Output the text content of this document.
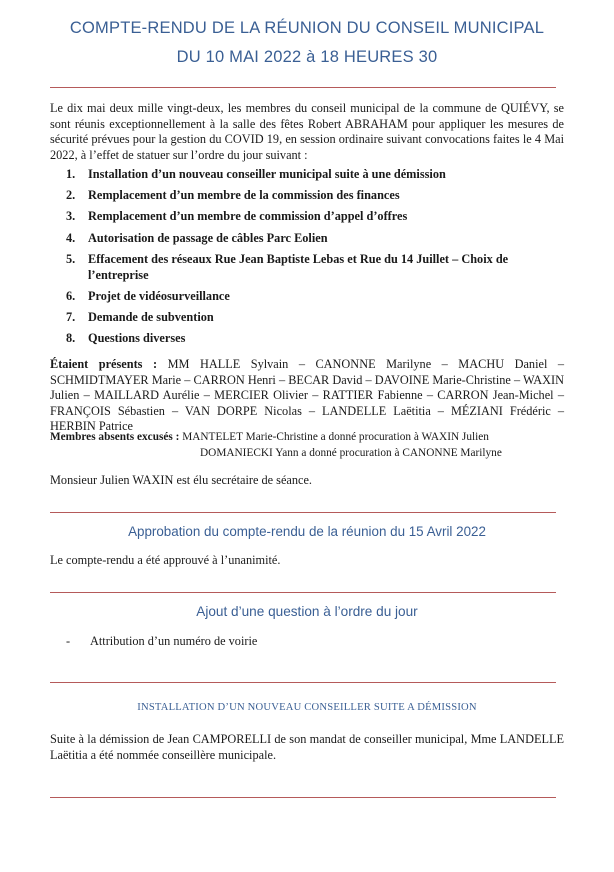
COMPTE-RENDU DE LA RÉUNION DU CONSEIL MUNICIPAL
DU 10 MAI 2022 à 18 HEURES 30
Le dix mai deux mille vingt-deux, les membres du conseil municipal de la commune de QUIÉVY, se sont réunis exceptionnellement à la salle des fêtes Robert ABRAHAM pour appliquer les mesures de sécurité prévues pour la gestion du COVID 19, en session ordinaire suivant convocations faites le 4 Mai 2022, à l’effet de statuer sur l’ordre du jour suivant :
1.	Installation d’un nouveau conseiller municipal suite à une démission
2.	Remplacement d’un membre de la commission des finances
3.	Remplacement d’un membre de commission d’appel d’offres
4.	Autorisation de passage de câbles Parc Eolien
5.	Effacement des réseaux Rue Jean Baptiste Lebas et Rue du 14 Juillet – Choix de l’entreprise
6.	Projet de vidéosurveillance
7.	Demande de subvention
8.	Questions diverses
Étaient présents : MM HALLE Sylvain – CANONNE Marilyne – MACHU Daniel – SCHMIDTMAYER Marie – CARRON Henri – BECAR David – DAVOINE Marie-Christine – WAXIN Julien – MAILLARD Aurélie – MERCIER Olivier – RATTIER Fabienne – CARRON Jean-Michel – FRANÇOIS Sébastien – VAN DORPE Nicolas – LANDELLE Laëtitia – MÉZIANI Frédéric – HERBIN Patrice
Membres absents excusés : MANTELET Marie-Christine a donné procuration à WAXIN Julien
DOMANIECKI Yann a donné procuration à CANONNE Marilyne
Monsieur Julien WAXIN est élu secrétaire de séance.
Approbation du compte-rendu de la réunion du 15 Avril 2022
Le compte-rendu a été approuvé à l’unanimité.
Ajout d’une question à l’ordre du jour
- Attribution d’un numéro de voirie
INSTALLATION D’UN NOUVEAU CONSEILLER SUITE A DÉMISSION
Suite à la démission de Jean CAMPORELLI de son mandat de conseiller municipal, Mme LANDELLE Laëtitia a été nommée conseillère municipale.
